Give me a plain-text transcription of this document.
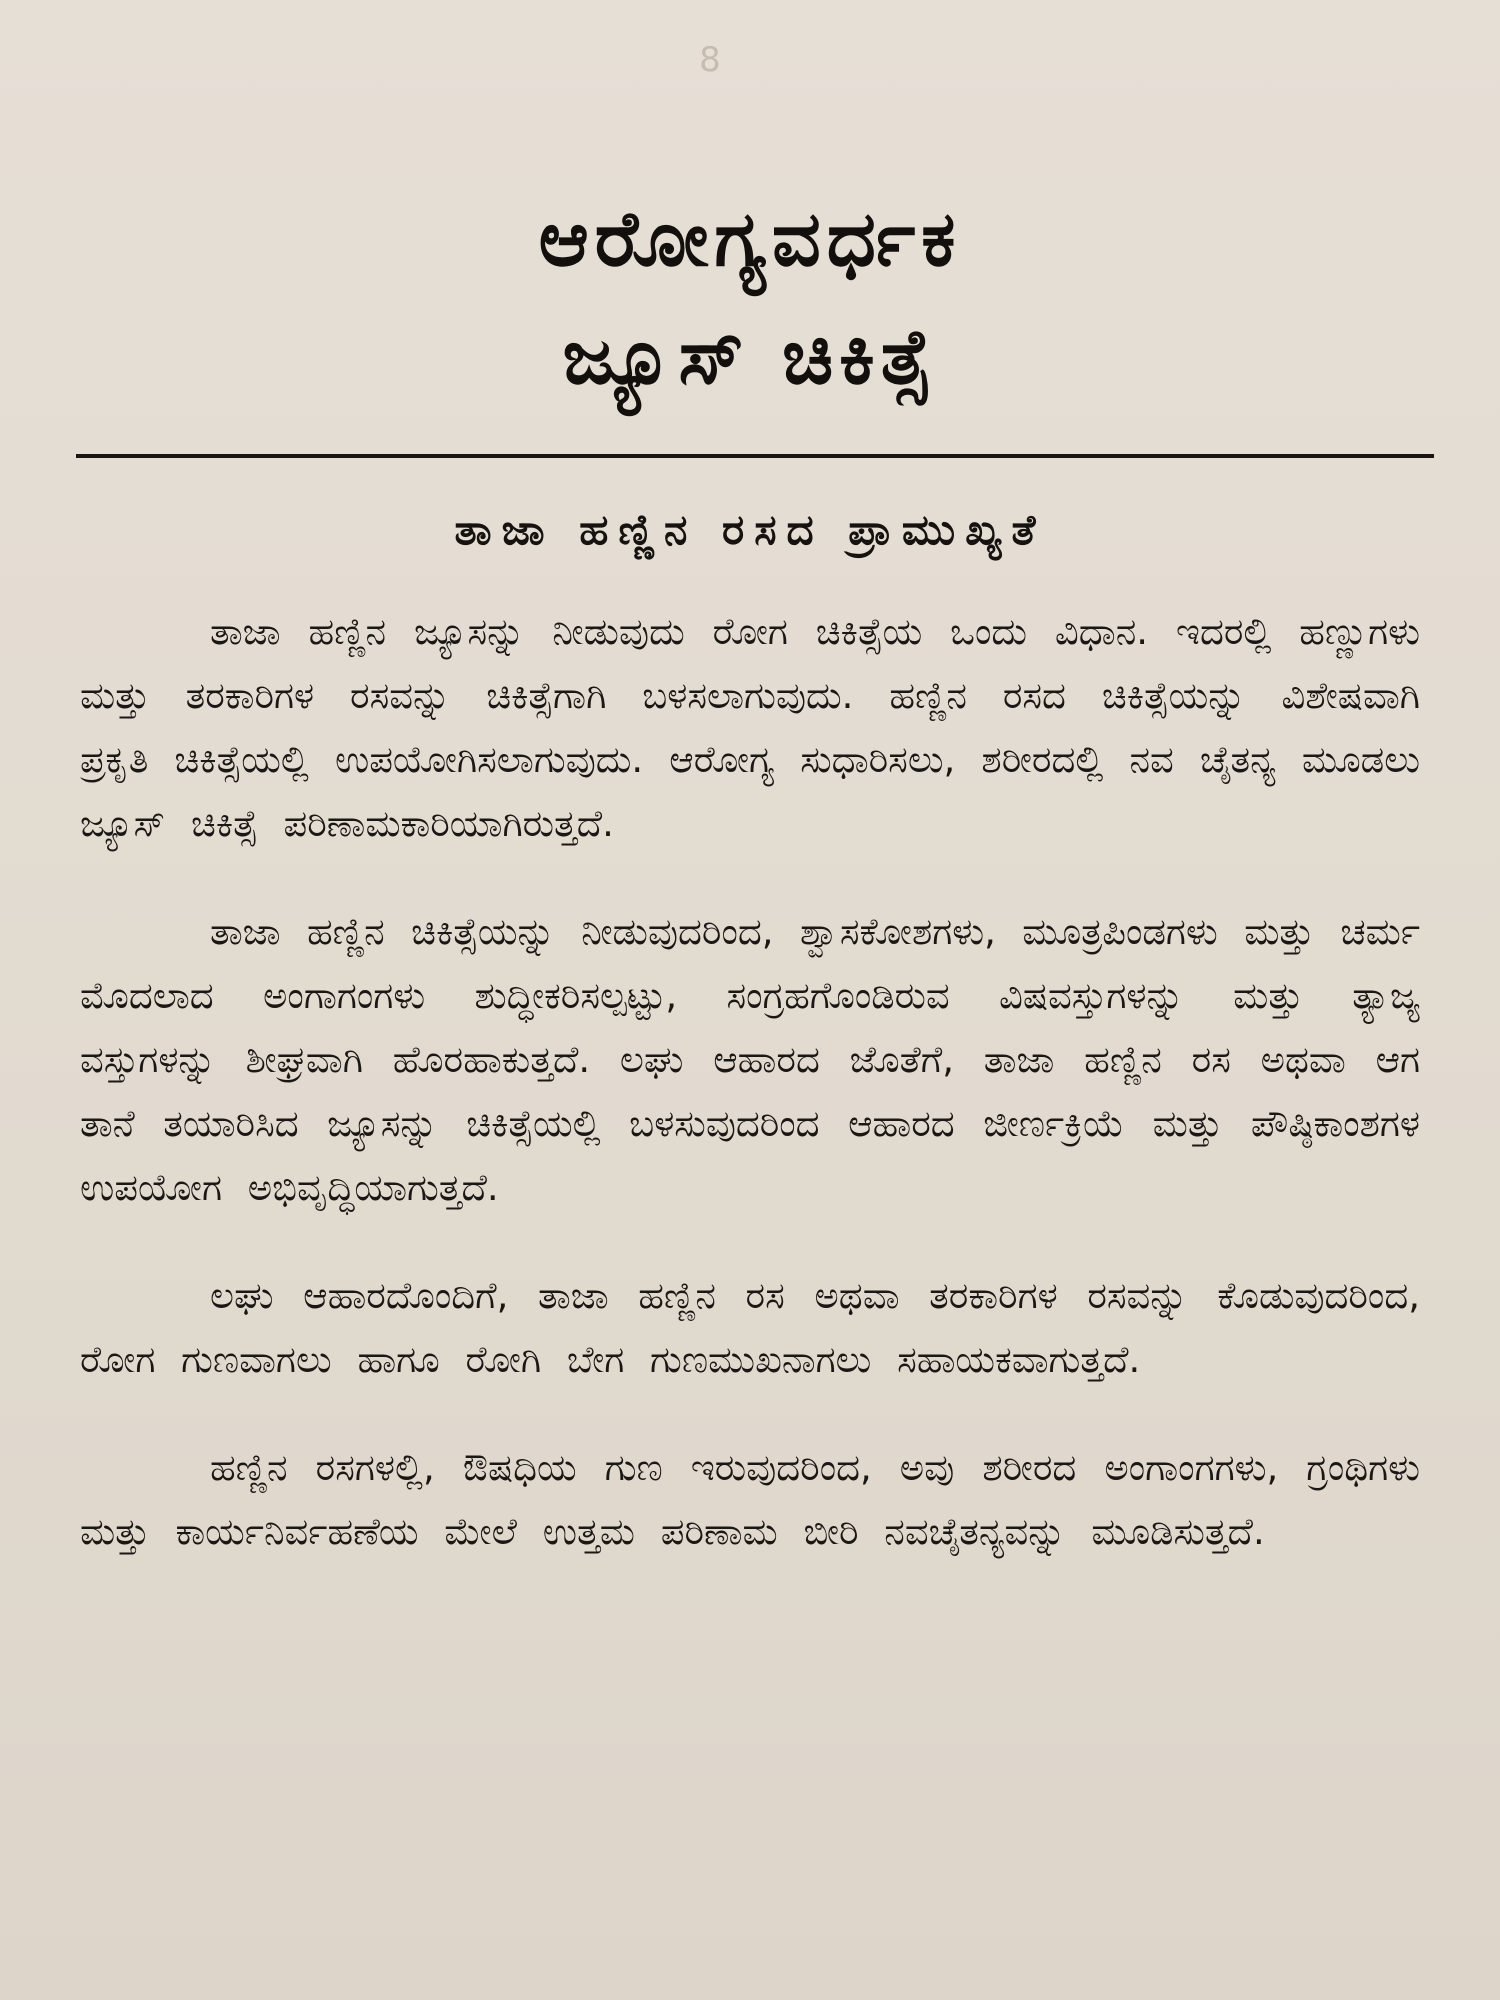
8
ಆರೋಗ್ಯವರ್ಧಕ
ಜ್ಯೂಸ್ ಚಿಕಿತ್ಸೆ
ತಾಜಾ ಹಣ್ಣಿನ ರಸದ ಪ್ರಾಮುಖ್ಯತೆ

ತಾಜಾ ಹಣ್ಣಿನ ಜ್ಯೂಸನ್ನು ನೀಡುವುದು ರೋಗ ಚಿಕಿತ್ಸೆಯ ಒಂದು ವಿಧಾನ. ಇದರಲ್ಲಿ ಹಣ್ಣುಗಳು ಮತ್ತು ತರಕಾರಿಗಳ ರಸವನ್ನು ಚಿಕಿತ್ಸೆಗಾಗಿ ಬಳಸಲಾಗುವುದು. ಹಣ್ಣಿನ ರಸದ ಚಿಕಿತ್ಸೆಯನ್ನು ವಿಶೇಷವಾಗಿ ಪ್ರಕೃತಿ ಚಿಕಿತ್ಸೆಯಲ್ಲಿ ಉಪಯೋಗಿಸಲಾಗುವುದು. ಆರೋಗ್ಯ ಸುಧಾರಿಸಲು, ಶರೀರದಲ್ಲಿ ನವ ಚೈತನ್ಯ ಮೂಡಲು ಜ್ಯೂಸ್ ಚಿಕಿತ್ಸೆ ಪರಿಣಾಮಕಾರಿಯಾಗಿರುತ್ತದೆ.

ತಾಜಾ ಹಣ್ಣಿನ ಚಿಕಿತ್ಸೆಯನ್ನು ನೀಡುವುದರಿಂದ, ಶ್ವಾಸಕೋಶಗಳು, ಮೂತ್ರಪಿಂಡಗಳು ಮತ್ತು ಚರ್ಮ ಮೊದಲಾದ ಅಂಗಾಗಂಗಳು ಶುದ್ಧೀಕರಿಸಲ್ಪಟ್ಟು, ಸಂಗ್ರಹಗೊಂಡಿರುವ ವಿಷವಸ್ತುಗಳನ್ನು ಮತ್ತು ತ್ಯಾಜ್ಯ ವಸ್ತುಗಳನ್ನು ಶೀಘ್ರವಾಗಿ ಹೊರಹಾಕುತ್ತದೆ. ಲಘು ಆಹಾರದ ಜೊತೆಗೆ, ತಾಜಾ ಹಣ್ಣಿನ ರಸ ಅಥವಾ ಆಗ ತಾನೆ ತಯಾರಿಸಿದ ಜ್ಯೂಸನ್ನು ಚಿಕಿತ್ಸೆಯಲ್ಲಿ ಬಳಸುವುದರಿಂದ ಆಹಾರದ ಜೀರ್ಣಕ್ರಿಯೆ ಮತ್ತು ಪೌಷ್ಠಿಕಾಂಶಗಳ ಉಪಯೋಗ ಅಭಿವೃದ್ಧಿಯಾಗುತ್ತದೆ.

ಲಘು ಆಹಾರದೊಂದಿಗೆ, ತಾಜಾ ಹಣ್ಣಿನ ರಸ ಅಥವಾ ತರಕಾರಿಗಳ ರಸವನ್ನು ಕೊಡುವುದರಿಂದ, ರೋಗ ಗುಣವಾಗಲು ಹಾಗೂ ರೋಗಿ ಬೇಗ ಗುಣಮುಖನಾಗಲು ಸಹಾಯಕವಾಗುತ್ತದೆ.

ಹಣ್ಣಿನ ರಸಗಳಲ್ಲಿ, ಔಷಧಿಯ ಗುಣ ಇರುವುದರಿಂದ, ಅವು ಶರೀರದ ಅಂಗಾಂಗಗಳು, ಗ್ರಂಥಿಗಳು ಮತ್ತು ಕಾರ್ಯನಿರ್ವಹಣೆಯ ಮೇಲೆ ಉತ್ತಮ ಪರಿಣಾಮ ಬೀರಿ ನವಚೈತನ್ಯವನ್ನು ಮೂಡಿಸುತ್ತದೆ.
